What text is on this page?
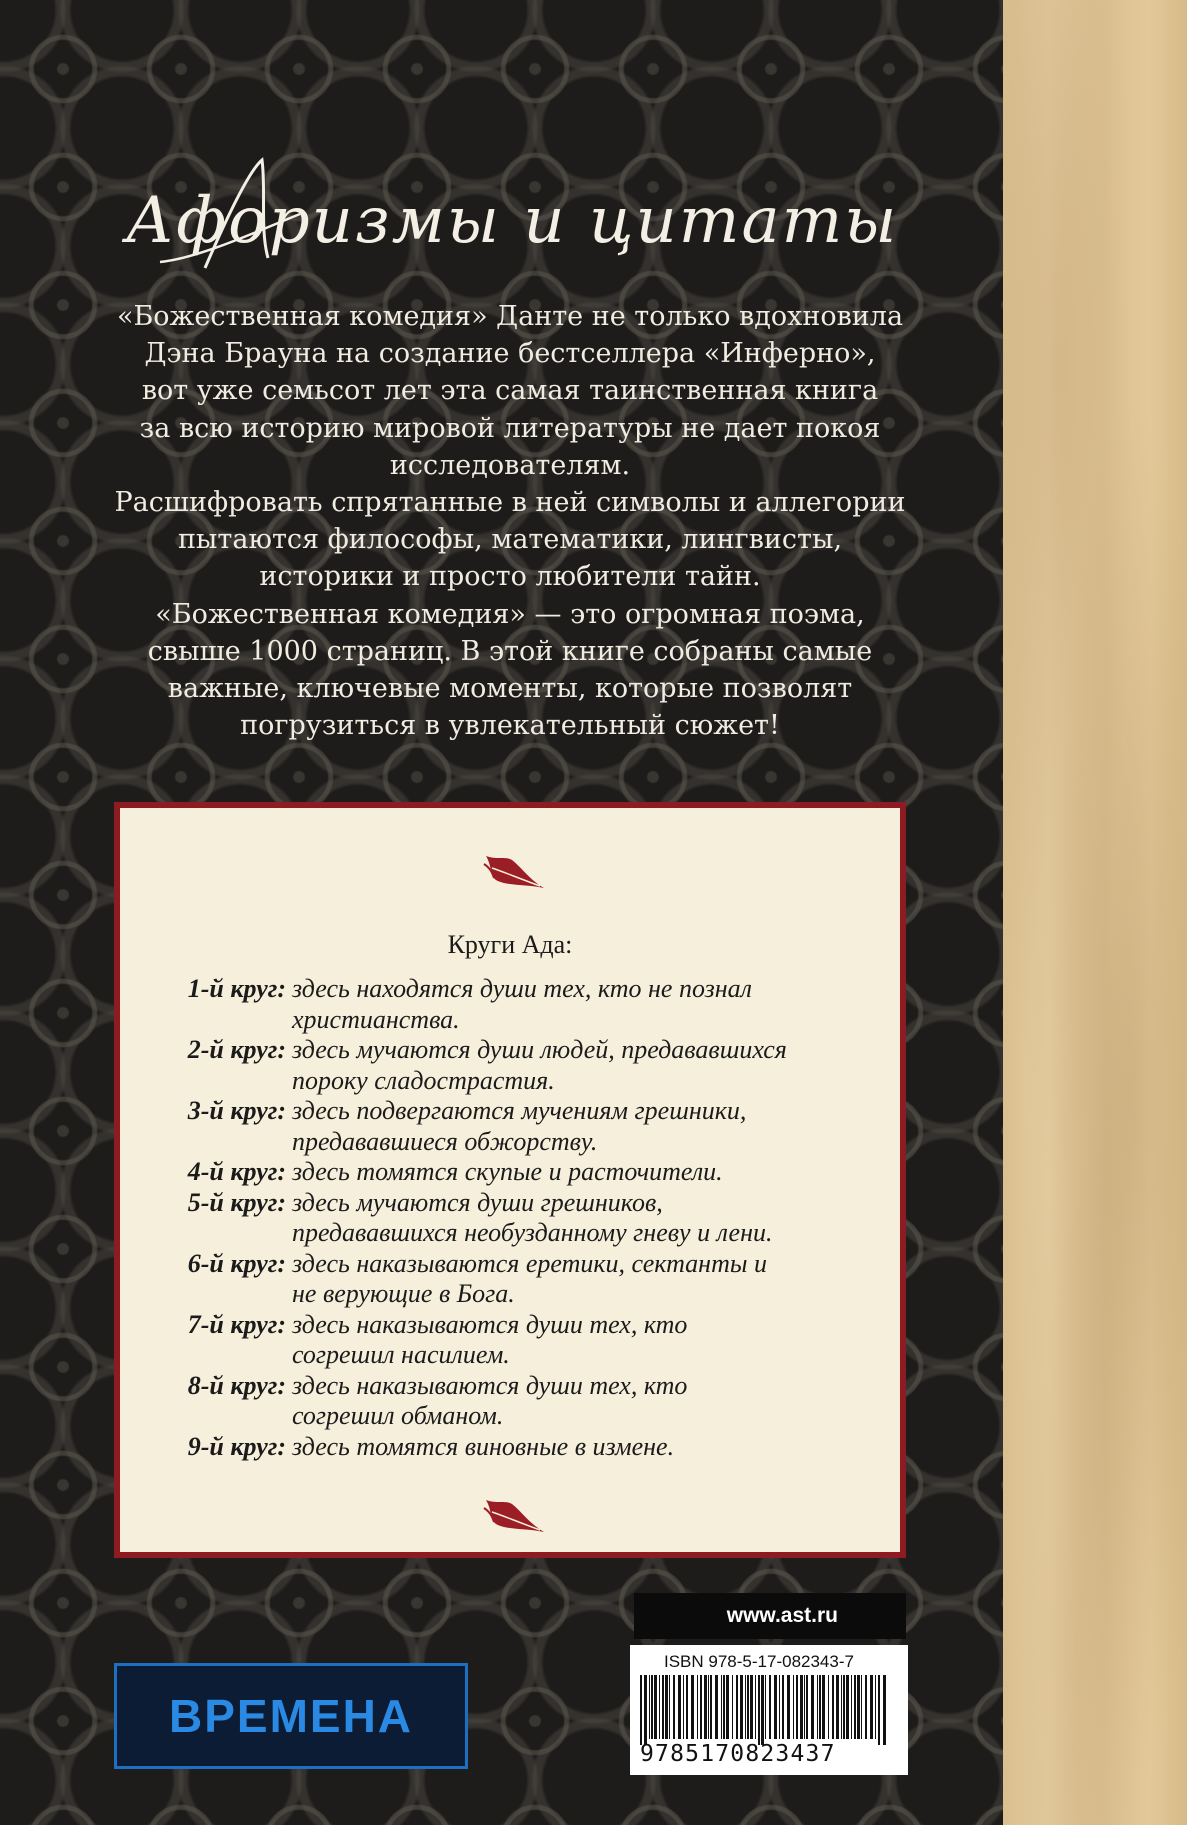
Афоризмы и цитаты

«Божественная комедия» Данте не только вдохновила

Дэна Брауна на создание бестселлера «Инферно»,

вот уже семьсот лет эта самая таинственная книга

за всю историю мировой литературы не дает покоя

исследователям.

Расшифровать спрятанные в ней символы и аллегории

пытаются философы, математики, лингвисты,

историки и просто любители тайн.

«Божественная комедия» — это огромная поэма,

свыше 1000 страниц. В этой книге собраны самые

важные, ключевые моменты, которые позволят

погрузиться в увлекательный сюжет!

Круги Ада:
1-й круг: здесь находятся души тех, кто не познал
христианства.
2-й круг: здесь мучаются души людей, предававшихся
пороку сладострастия.
3-й круг: здесь подвергаются мучениям грешники,
предававшиеся обжорству.
4-й круг: здесь томятся скупые и расточители.
5-й круг: здесь мучаются души грешников,
предававшихся необузданному гневу и лени.
6-й круг: здесь наказываются еретики, сектанты и
не верующие в Бога.
7-й круг: здесь наказываются души тех, кто
согрешил насилием.
8-й круг: здесь наказываются души тех, кто
согрешил обманом.
9-й круг: здесь томятся виновные в измене.
www.ast.ru
ISBN 978-5-17-082343-7
9785170823437
ВРЕМЕНА
